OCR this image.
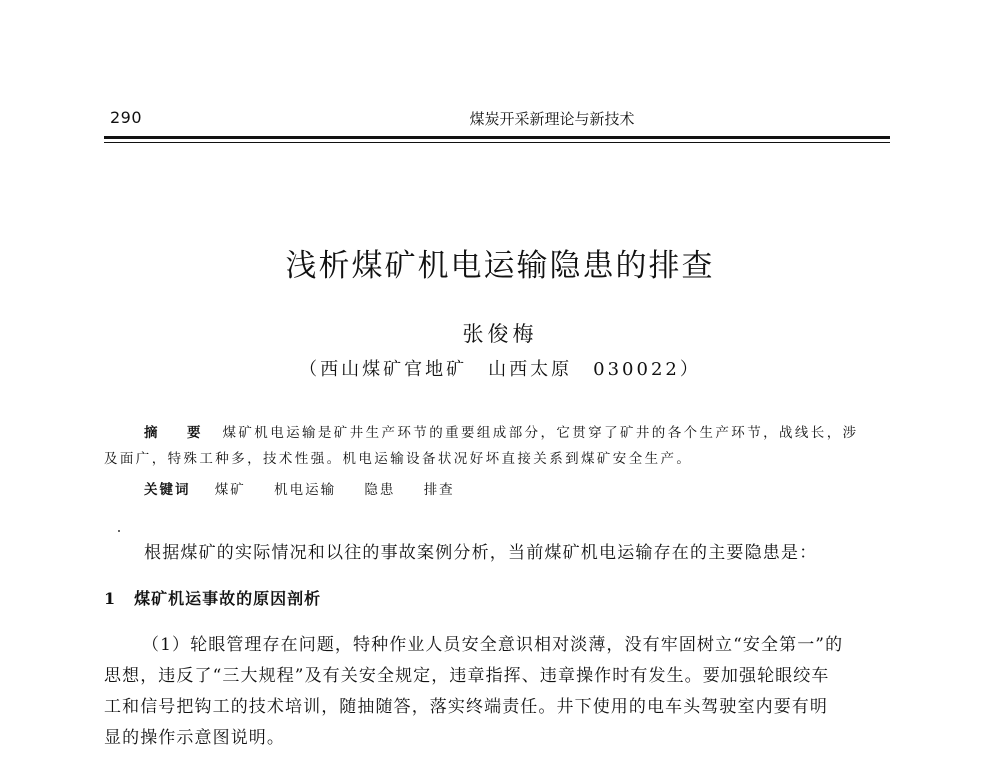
290	煤炭开采新理论与新技术
浅析煤矿机电运输隐患的排查
张俊梅
（西山煤矿官地矿　山西太原　030022）
摘　要 煤矿机电运输是矿井生产环节的重要组成部分，它贯穿了矿井的各个生产环节，战线长，涉
及面广，特殊工种多，技术性强。机电运输设备状况好坏直接关系到煤矿安全生产。
关键词 煤矿 机电运输 隐患 排查
根据煤矿的实际情况和以往的事故案例分析，当前煤矿机电运输存在的主要隐患是：
1 煤矿机运事故的原因剖析
（1）轮眼管理存在问题，特种作业人员安全意识相对淡薄，没有牢固树立“安全第一”的
思想，违反了“三大规程”及有关安全规定，违章指挥、违章操作时有发生。要加强轮眼绞车
工和信号把钩工的技术培训，随抽随答，落实终端责任。井下使用的电车头驾驶室内要有明
显的操作示意图说明。
